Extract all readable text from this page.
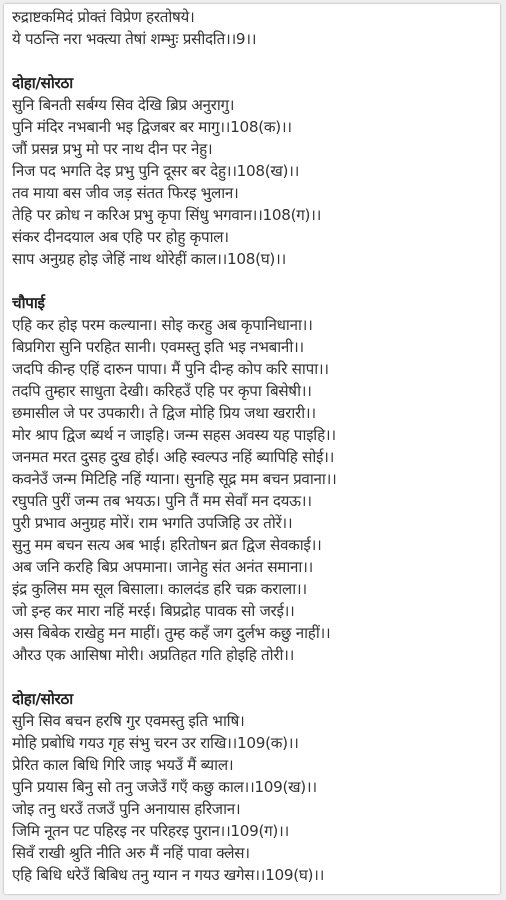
रुद्राष्टकमिदं प्रोक्तं विप्रेण हरतोषये।
ये पठन्ति नरा भक्त्या तेषां शम्भुः प्रसीदति।।9।।
दोहा/सोरठा
सुनि बिनती सर्बग्य सिव देखि ब्रिप्र अनुरागु।
पुनि मंदिर नभबानी भइ द्विजबर बर मागु।।108(क)।।
जौं प्रसन्न प्रभु मो पर नाथ दीन पर नेहु।
निज पद भगति देइ प्रभु पुनि दूसर बर देहु।।108(ख)।।
तव माया बस जीव जड़ संतत फिरइ भुलान।
तेहि पर क्रोध न करिअ प्रभु कृपा सिंधु भगवान।।108(ग)।।
संकर दीनदयाल अब एहि पर होहु कृपाल।
साप अनुग्रह होइ जेहिं नाथ थोरेहीं काल।।108(घ)।।
चौपाई
एहि कर होइ परम कल्याना। सोइ करहु अब कृपानिधाना।।
बिप्रगिरा सुनि परहित सानी। एवमस्तु इति भइ नभबानी।।
जदपि कीन्ह एहिं दारुन पापा। मैं पुनि दीन्ह कोप करि सापा।।
तदपि तुम्हार साधुता देखी। करिहउँ एहि पर कृपा बिसेषी।।
छमासील जे पर उपकारी। ते द्विज मोहि प्रिय जथा खरारी।।
मोर श्राप द्विज ब्यर्थ न जाइहि। जन्म सहस अवस्य यह पाइहि।।
जनमत मरत दुसह दुख होई। अहि स्वल्पउ नहिं ब्यापिहि सोई।।
कवनेउँ जन्म मिटिहि नहिं ग्याना। सुनहि सूद्र मम बचन प्रवाना।।
रघुपति पुरीं जन्म तब भयऊ। पुनि तैं मम सेवाँ मन दयऊ।।
पुरी प्रभाव अनुग्रह मोरें। राम भगति उपजिहि उर तोरें।।
सुनु मम बचन सत्य अब भाई। हरितोषन ब्रत द्विज सेवकाई।।
अब जनि करहि बिप्र अपमाना। जानेहु संत अनंत समाना।।
इंद्र कुलिस मम सूल बिसाला। कालदंड हरि चक्र कराला।।
जो इन्ह कर मारा नहिं मरई। बिप्रद्रोह पावक सो जरई।।
अस बिबेक राखेहु मन माहीं। तुम्ह कहँ जग दुर्लभ कछु नाहीं।।
औरउ एक आसिषा मोरी। अप्रतिहत गति होइहि तोरी।।
दोहा/सोरठा
सुनि सिव बचन हरषि गुर एवमस्तु इति भाषि।
मोहि प्रबोधि गयउ गृह संभु चरन उर राखि।।109(क)।।
प्रेरित काल बिधि गिरि जाइ भयउँ मैं ब्याल।
पुनि प्रयास बिनु सो तनु जजेउँ गएँ कछु काल।।109(ख)।।
जोइ तनु धरउँ तजउँ पुनि अनायास हरिजान।
जिमि नूतन पट पहिरइ नर परिहरइ पुरान।।109(ग)।।
सिवँ राखी श्रुति नीति अरु मैं नहिं पावा क्लेस।
एहि बिधि धरेउँ बिबिध तनु ग्यान न गयउ खगेस।।109(घ)।।
